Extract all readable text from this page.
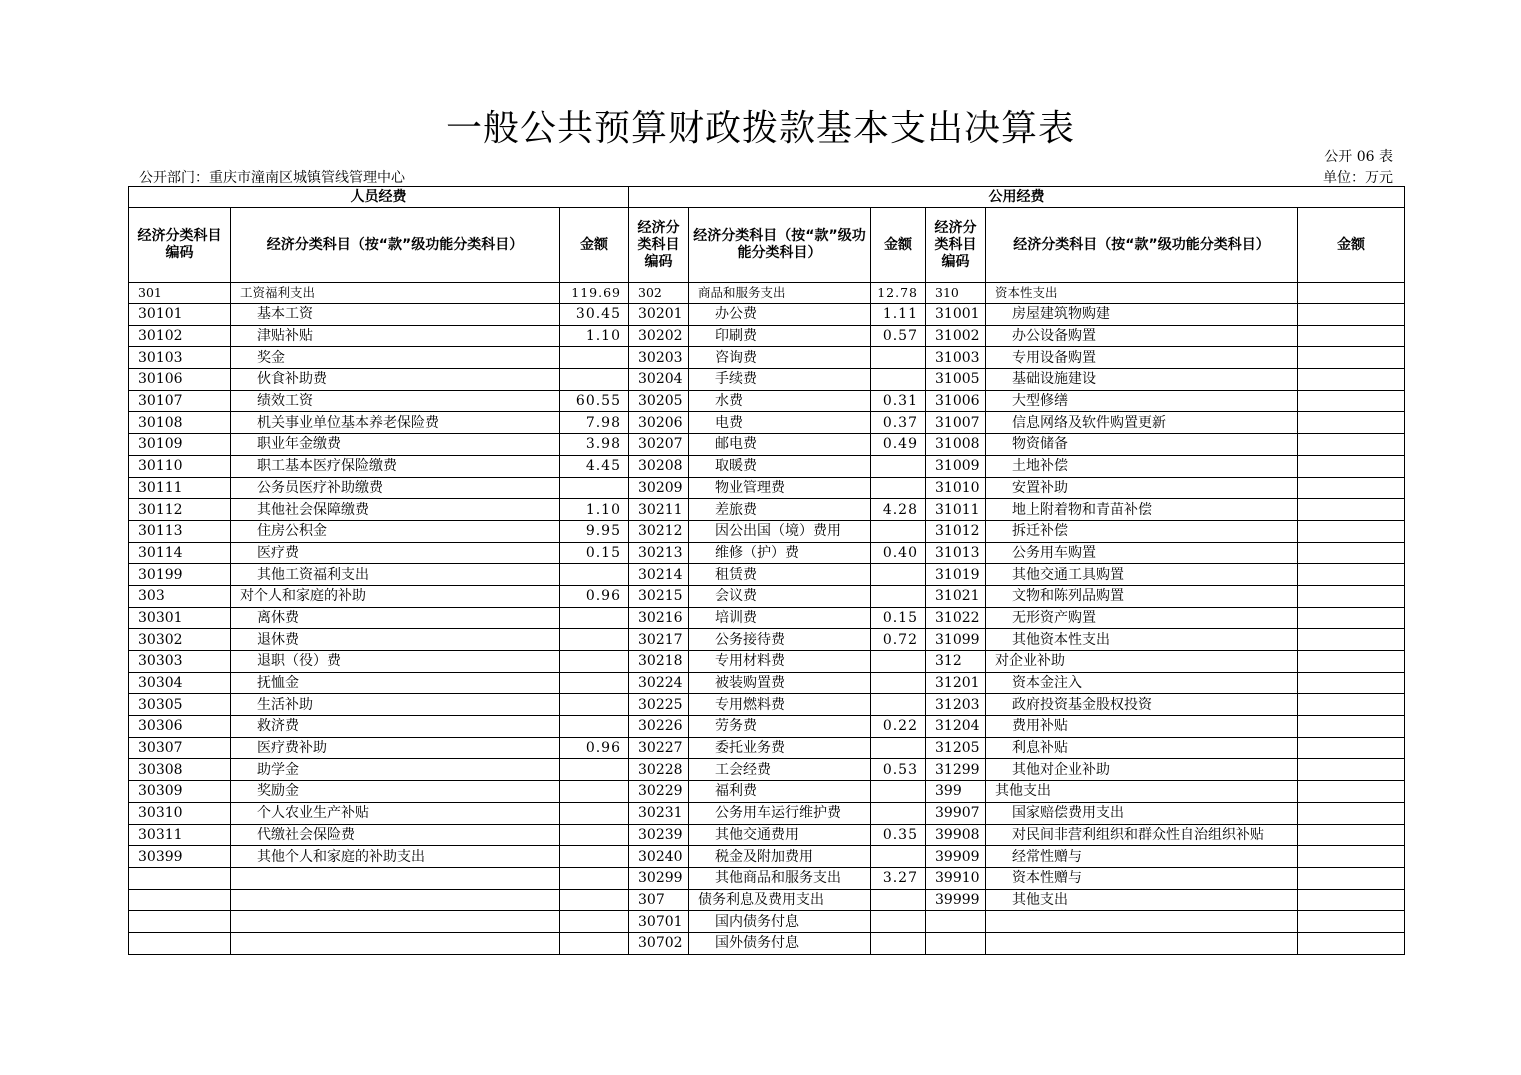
一般公共预算财政拨款基本支出决算表
公开 06 表
公开部门：重庆市潼南区城镇管线管理中心	单位：万元
人员经费			公用经费					
经济分类科目编码	经济分类科目（按“款”级功能分类科目）	金额	经济分类科目编码	经济分类科目（按“款”级功能分类科目）	金额	经济分类科目编码	经济分类科目（按“款”级功能分类科目）	金额
301	工资福利支出	119.69	302	商品和服务支出	12.78	310	资本性支出	
30101	基本工资	30.45	30201	办公费	1.11	31001	房屋建筑物购建	
30102	津贴补贴	1.10	30202	印刷费	0.57	31002	办公设备购置	
30103	奖金		30203	咨询费		31003	专用设备购置	
30106	伙食补助费		30204	手续费		31005	基础设施建设	
30107	绩效工资	60.55	30205	水费	0.31	31006	大型修缮	
30108	机关事业单位基本养老保险费	7.98	30206	电费	0.37	31007	信息网络及软件购置更新	
30109	职业年金缴费	3.98	30207	邮电费	0.49	31008	物资储备	
30110	职工基本医疗保险缴费	4.45	30208	取暖费		31009	土地补偿	
30111	公务员医疗补助缴费		30209	物业管理费		31010	安置补助	
30112	其他社会保障缴费	1.10	30211	差旅费	4.28	31011	地上附着物和青苗补偿	
30113	住房公积金	9.95	30212	因公出国（境）费用		31012	拆迁补偿	
30114	医疗费	0.15	30213	维修（护）费	0.40	31013	公务用车购置	
30199	其他工资福利支出		30214	租赁费		31019	其他交通工具购置	
303	对个人和家庭的补助	0.96	30215	会议费		31021	文物和陈列品购置	
30301	离休费		30216	培训费	0.15	31022	无形资产购置	
30302	退休费		30217	公务接待费	0.72	31099	其他资本性支出	
30303	退职（役）费		30218	专用材料费		312	对企业补助	
30304	抚恤金		30224	被装购置费		31201	资本金注入	
30305	生活补助		30225	专用燃料费		31203	政府投资基金股权投资	
30306	救济费		30226	劳务费	0.22	31204	费用补贴	
30307	医疗费补助	0.96	30227	委托业务费		31205	利息补贴	
30308	助学金		30228	工会经费	0.53	31299	其他对企业补助	
30309	奖励金		30229	福利费		399	其他支出	
30310	个人农业生产补贴		30231	公务用车运行维护费		39907	国家赔偿费用支出	
30311	代缴社会保险费		30239	其他交通费用	0.35	39908	对民间非营利组织和群众性自治组织补贴	
30399	其他个人和家庭的补助支出		30240	税金及附加费用		39909	经常性赠与	
			30299	其他商品和服务支出	3.27	39910	资本性赠与	
			307	债务利息及费用支出		39999	其他支出	
			30701	国内债务付息				
			30702	国外债务付息				
